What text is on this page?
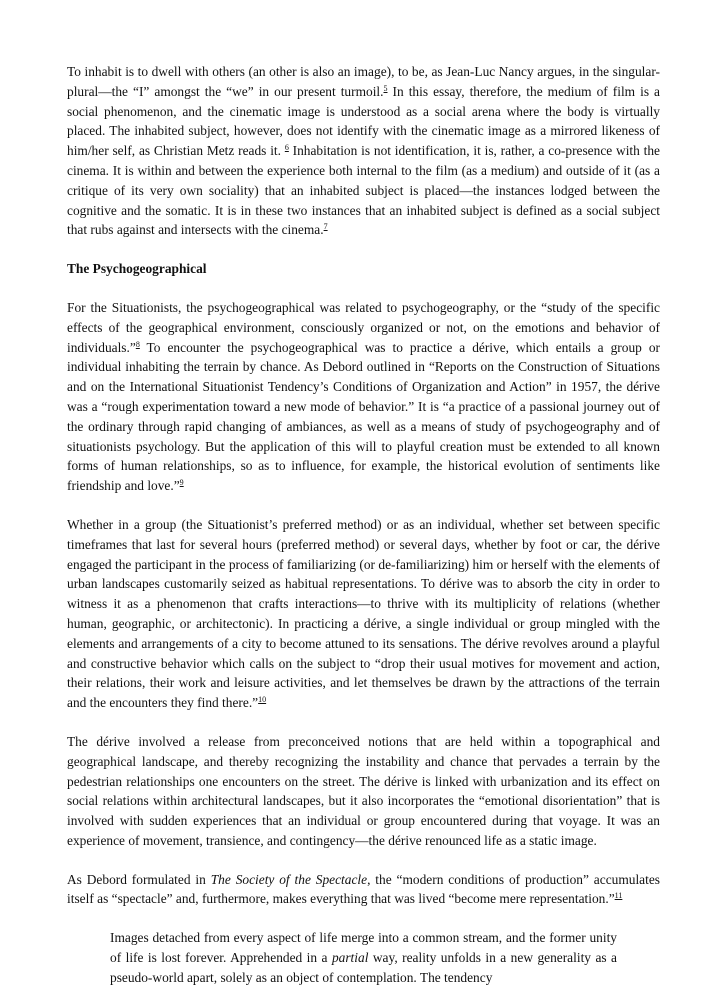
To inhabit is to dwell with others (an other is also an image), to be, as Jean-Luc Nancy argues, in the singular-plural—the “I” amongst the “we” in our present turmoil.$^5$ In this essay, therefore, the medium of film is a social phenomenon, and the cinematic image is understood as a social arena where the body is virtually placed. The inhabited subject, however, does not identify with the cinematic image as a mirrored likeness of him/her self, as Christian Metz reads it. $^6$ Inhabitation is not identification, it is, rather, a co-presence with the cinema. It is within and between the experience both internal to the film (as a medium) and outside of it (as a critique of its very own sociality) that an inhabited subject is placed—the instances lodged between the cognitive and the somatic. It is in these two instances that an inhabited subject is defined as a social subject that rubs against and intersects with the cinema.$^7$

The Psychogeographical

For the Situationists, the psychogeographical was related to psychogeography, or the “study of the specific effects of the geographical environment, consciously organized or not, on the emotions and behavior of individuals.”$^8$ To encounter the psychogeographical was to practice a dérive, which entails a group or individual inhabiting the terrain by chance. As Debord outlined in “Reports on the Construction of Situations and on the International Situationist Tendency’s Conditions of Organization and Action” in 1957, the dérive was a “rough experimentation toward a new mode of behavior.” It is “a practice of a passional journey out of the ordinary through rapid changing of ambiances, as well as a means of study of psychogeography and of situationists psychology. But the application of this will to playful creation must be extended to all known forms of human relationships, so as to influence, for example, the historical evolution of sentiments like friendship and love.”$^9$

Whether in a group (the Situationist’s preferred method) or as an individual, whether set between specific timeframes that last for several hours (preferred method) or several days, whether by foot or car, the dérive engaged the participant in the process of familiarizing (or de-familiarizing) him or herself with the elements of urban landscapes customarily seized as habitual representations. To dérive was to absorb the city in order to witness it as a phenomenon that crafts interactions—to thrive with its multiplicity of relations (whether human, geographic, or architectonic). In practicing a dérive, a single individual or group mingled with the elements and arrangements of a city to become attuned to its sensations. The dérive revolves around a playful and constructive behavior which calls on the subject to “drop their usual motives for movement and action, their relations, their work and leisure activities, and let themselves be drawn by the attractions of the terrain and the encounters they find there.”$^{10}$

The dérive involved a release from preconceived notions that are held within a topographical and geographical landscape, and thereby recognizing the instability and chance that pervades a terrain by the pedestrian relationships one encounters on the street. The dérive is linked with urbanization and its effect on social relations within architectural landscapes, but it also incorporates the “emotional disorientation” that is involved with sudden experiences that an individual or group encountered during that voyage. It was an experience of movement, transience, and contingency—the dérive renounced life as a static image.

As Debord formulated in The Society of the Spectacle, the “modern conditions of production” accumulates itself as “spectacle” and, furthermore, makes everything that was lived “become mere representation.”$^{11}$

Images detached from every aspect of life merge into a common stream, and the former unity of life is lost forever. Apprehended in a partial way, reality unfolds in a new generality as a pseudo-world apart, solely as an object of contemplation. The tendency
